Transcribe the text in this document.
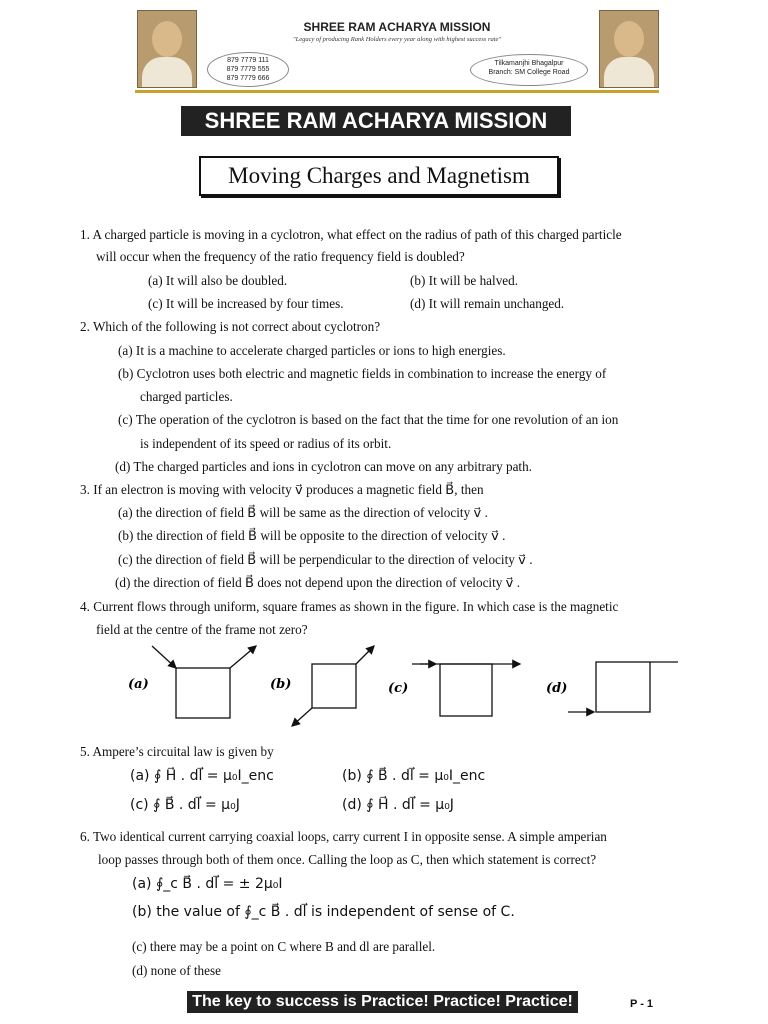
SHREE RAM ACHARYA MISSION
"Legacy of producing Rank Holders every year along with highest success rate"
879 7779 111
879 7779 555
879 7779 666
Tilkamanjhi Bhagalpur
Branch: SM College Road
SHREE RAM ACHARYA MISSION
Moving Charges and Magnetism
1. A charged particle is moving in a cyclotron, what effect on the radius of path of this charged particle
will occur when the frequency of the ratio frequency field is doubled?
(a) It will also be doubled.	(b) It will be halved.
(c) It will be increased by four times.	(d) It will remain unchanged.
2. Which of the following is not correct about cyclotron?
(a) It is a machine to accelerate charged particles or ions to high energies.
(b) Cyclotron uses both electric and magnetic fields in combination to increase the energy of
charged particles.
(c) The operation of the cyclotron is based on the fact that the time for one revolution of an ion
is independent of its speed or radius of its orbit.
(d) The charged particles and ions in cyclotron can move on any arbitrary path.
3. If an electron is moving with velocity v⃗ produces a magnetic field B⃗, then
(a) the direction of field B⃗ will be same as the direction of velocity v⃗ .
(b) the direction of field B⃗ will be opposite to the direction of velocity v⃗ .
(c) the direction of field B⃗ will be perpendicular to the direction of velocity v⃗ .
(d) the direction of field B⃗ does not depend upon the direction of velocity v⃗ .
4. Current flows through uniform, square frames as shown in the figure. In which case is the magnetic
field at the centre of the frame not zero?
(a)	(b)	(c)	(d)
5. Ampere’s circuital law is given by
(a) ∮ H⃗ . dl⃗ = μ₀I_enc	(b) ∮ B⃗ . dl⃗ = μ₀I_enc
(c) ∮ B⃗ . dl⃗ = μ₀J	(d) ∮ H⃗ . dl⃗ = μ₀J
6. Two identical current carrying coaxial loops, carry current I in opposite sense. A simple amperian
loop passes through both of them once. Calling the loop as C, then which statement is correct?
(a) ∮_c B⃗ . dl⃗ = ± 2μ₀I
(b) the value of ∮_c B⃗ . dl⃗ is independent of sense of C.
(c) there may be a point on C where B and dl are parallel.
(d) none of these
The key to success is Practice! Practice! Practice!	P - 1
